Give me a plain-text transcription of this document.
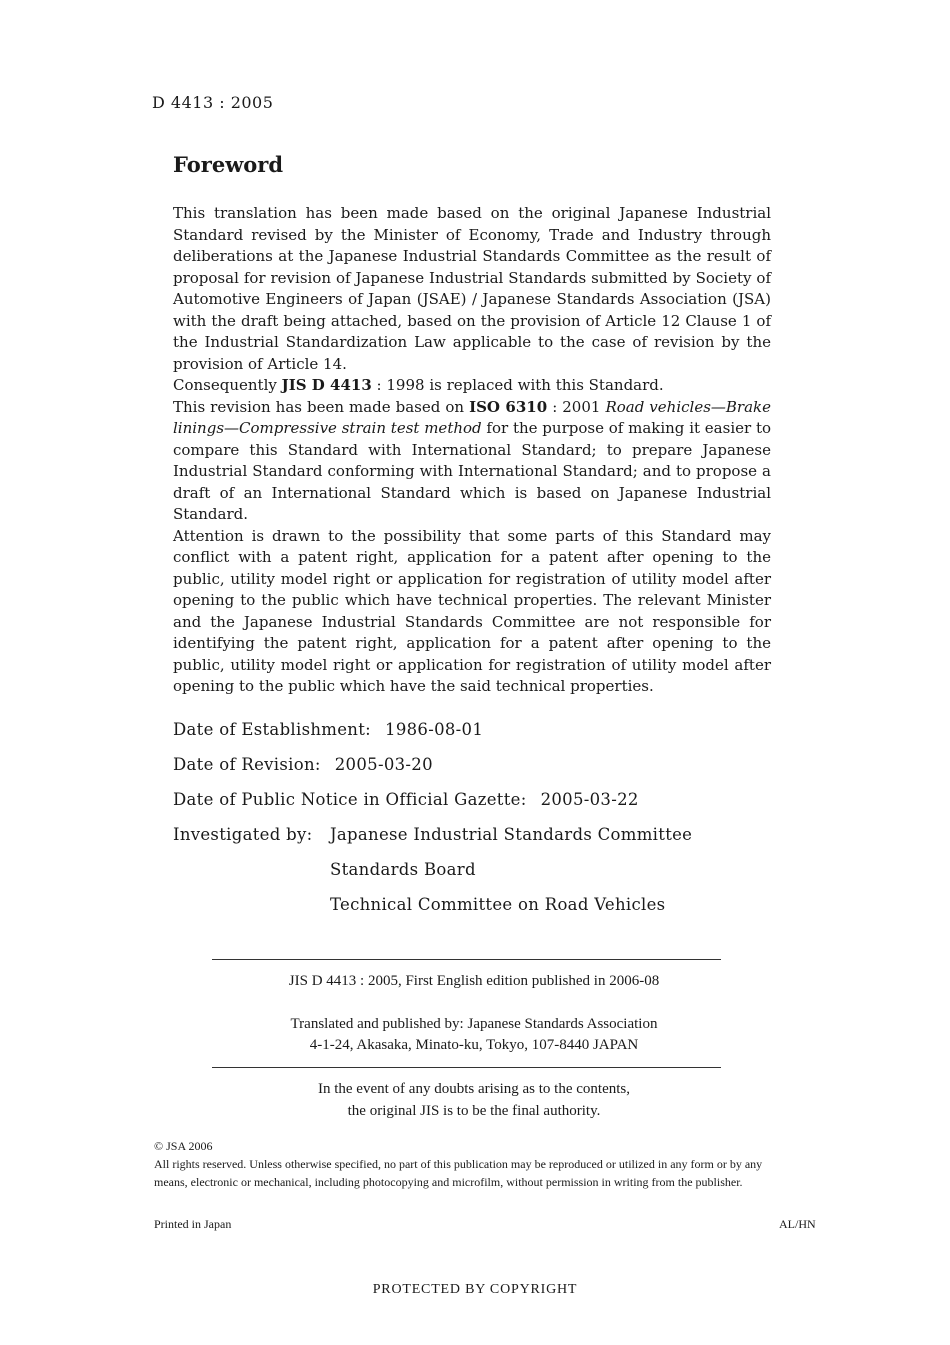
D 4413 : 2005
Foreword

This translation has been made based on the original Japanese Industrial Standard revised by the Minister of Economy, Trade and Industry through deliberations at the Japanese Industrial Standards Committee as the result of proposal for revision of Japanese Industrial Standards submitted by Society of Automotive Engineers of Japan (JSAE) / Japanese Standards Association (JSA) with the draft being attached, based on the provision of Article 12 Clause 1 of the Industrial Standardization Law applicable to the case of revision by the provision of Article 14.

Consequently JIS D 4413 : 1998 is replaced with this Standard.

This revision has been made based on ISO 6310 : 2001 Road vehicles—Brake linings—Compressive strain test method for the purpose of making it easier to compare this Standard with International Standard; to prepare Japanese Industrial Standard conforming with International Standard; and to propose a draft of an International Standard which is based on Japanese Industrial Standard.

Attention is drawn to the possibility that some parts of this Standard may conflict with a patent right, application for a patent after opening to the public, utility model right or application for registration of utility model after opening to the public which have technical properties. The relevant Minister and the Japanese Industrial Standards Committee are not responsible for identifying the patent right, application for a patent after opening to the public, utility model right or application for registration of utility model after opening to the public which have the said technical properties.

Date of Establishment: 1986-08-01
Date of Revision: 2005-03-20
Date of Public Notice in Official Gazette: 2005-03-22
Investigated by: Japanese Industrial Standards Committee
Standards Board
Technical Committee on Road Vehicles
JIS D 4413 : 2005, First English edition published in 2006-08
Translated and published by: Japanese Standards Association
4-1-24, Akasaka, Minato-ku, Tokyo, 107-8440 JAPAN
In the event of any doubts arising as to the contents,
the original JIS is to be the final authority.
© JSA 2006
All rights reserved. Unless otherwise specified, no part of this publication may be reproduced or utilized in any form or by any means, electronic or mechanical, including photocopying and microfilm, without permission in writing from the publisher.
Printed in Japan	AL/HN
PROTECTED BY COPYRIGHT
